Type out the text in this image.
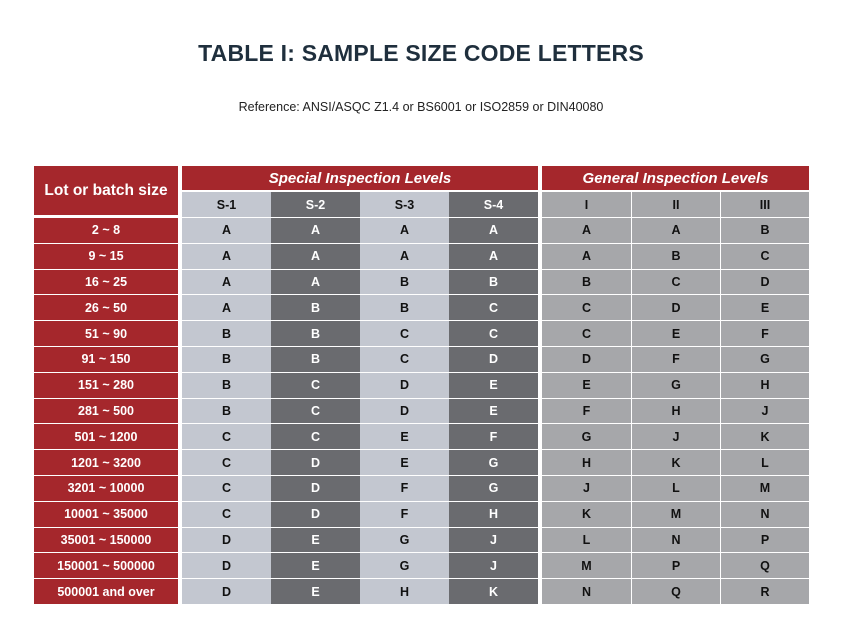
TABLE I: SAMPLE SIZE CODE LETTERS
Reference: ANSI/ASQC Z1.4 or BS6001 or ISO2859 or DIN40080
Lot or batch size	Special Inspection Levels					General Inspection Levels		
	S-1	S-2	S-3	S-4		I	II	III
2 ~ 8	A	A	A	A		A	A	B
9 ~ 15	A	A	A	A		A	B	C
16 ~ 25	A	A	B	B		B	C	D
26 ~ 50	A	B	B	C		C	D	E
51 ~ 90	B	B	C	C		C	E	F
91 ~ 150	B	B	C	D		D	F	G
151 ~ 280	B	C	D	E		E	G	H
281 ~ 500	B	C	D	E		F	H	J
501 ~ 1200	C	C	E	F		G	J	K
1201 ~ 3200	C	D	E	G		H	K	L
3201 ~ 10000	C	D	F	G		J	L	M
10001 ~ 35000	C	D	F	H		K	M	N
35001 ~ 150000	D	E	G	J		L	N	P
150001 ~ 500000	D	E	G	J		M	P	Q
500001 and over	D	E	H	K		N	Q	R
